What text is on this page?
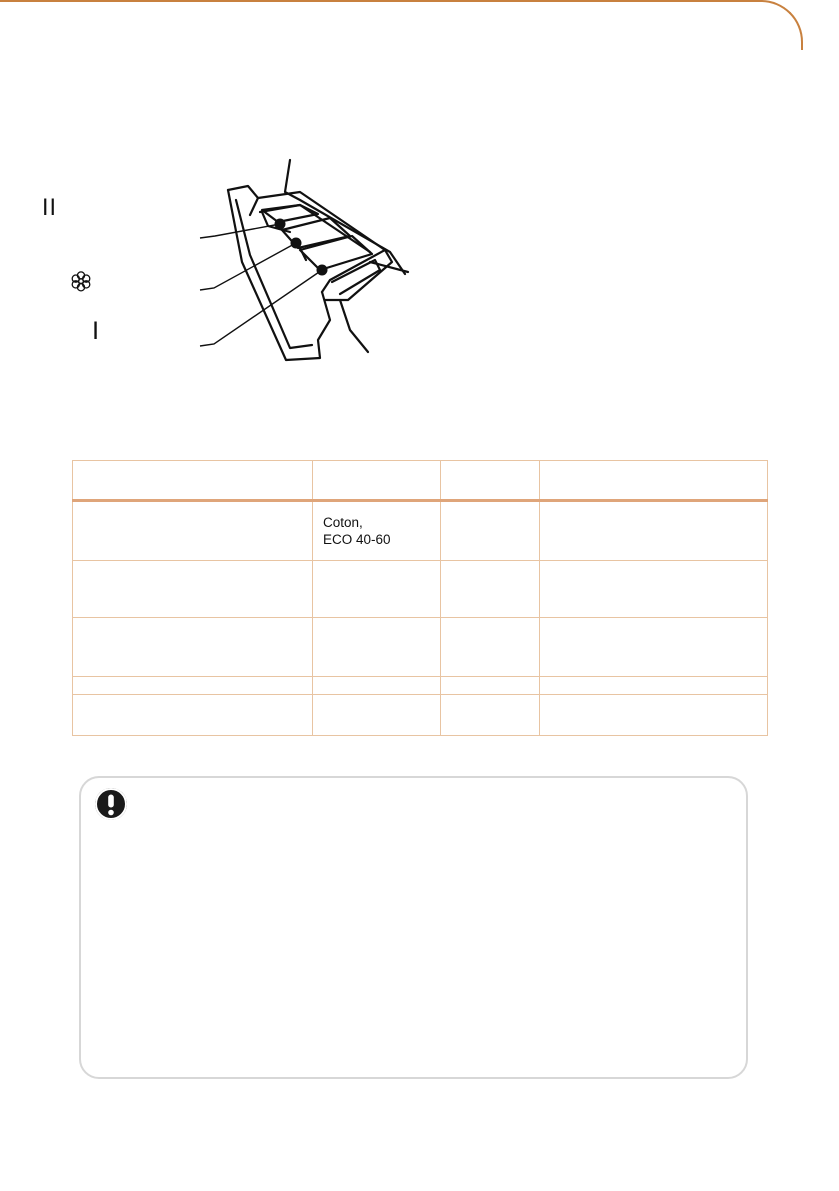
II
I

	Coton,
ECO 40-60		
